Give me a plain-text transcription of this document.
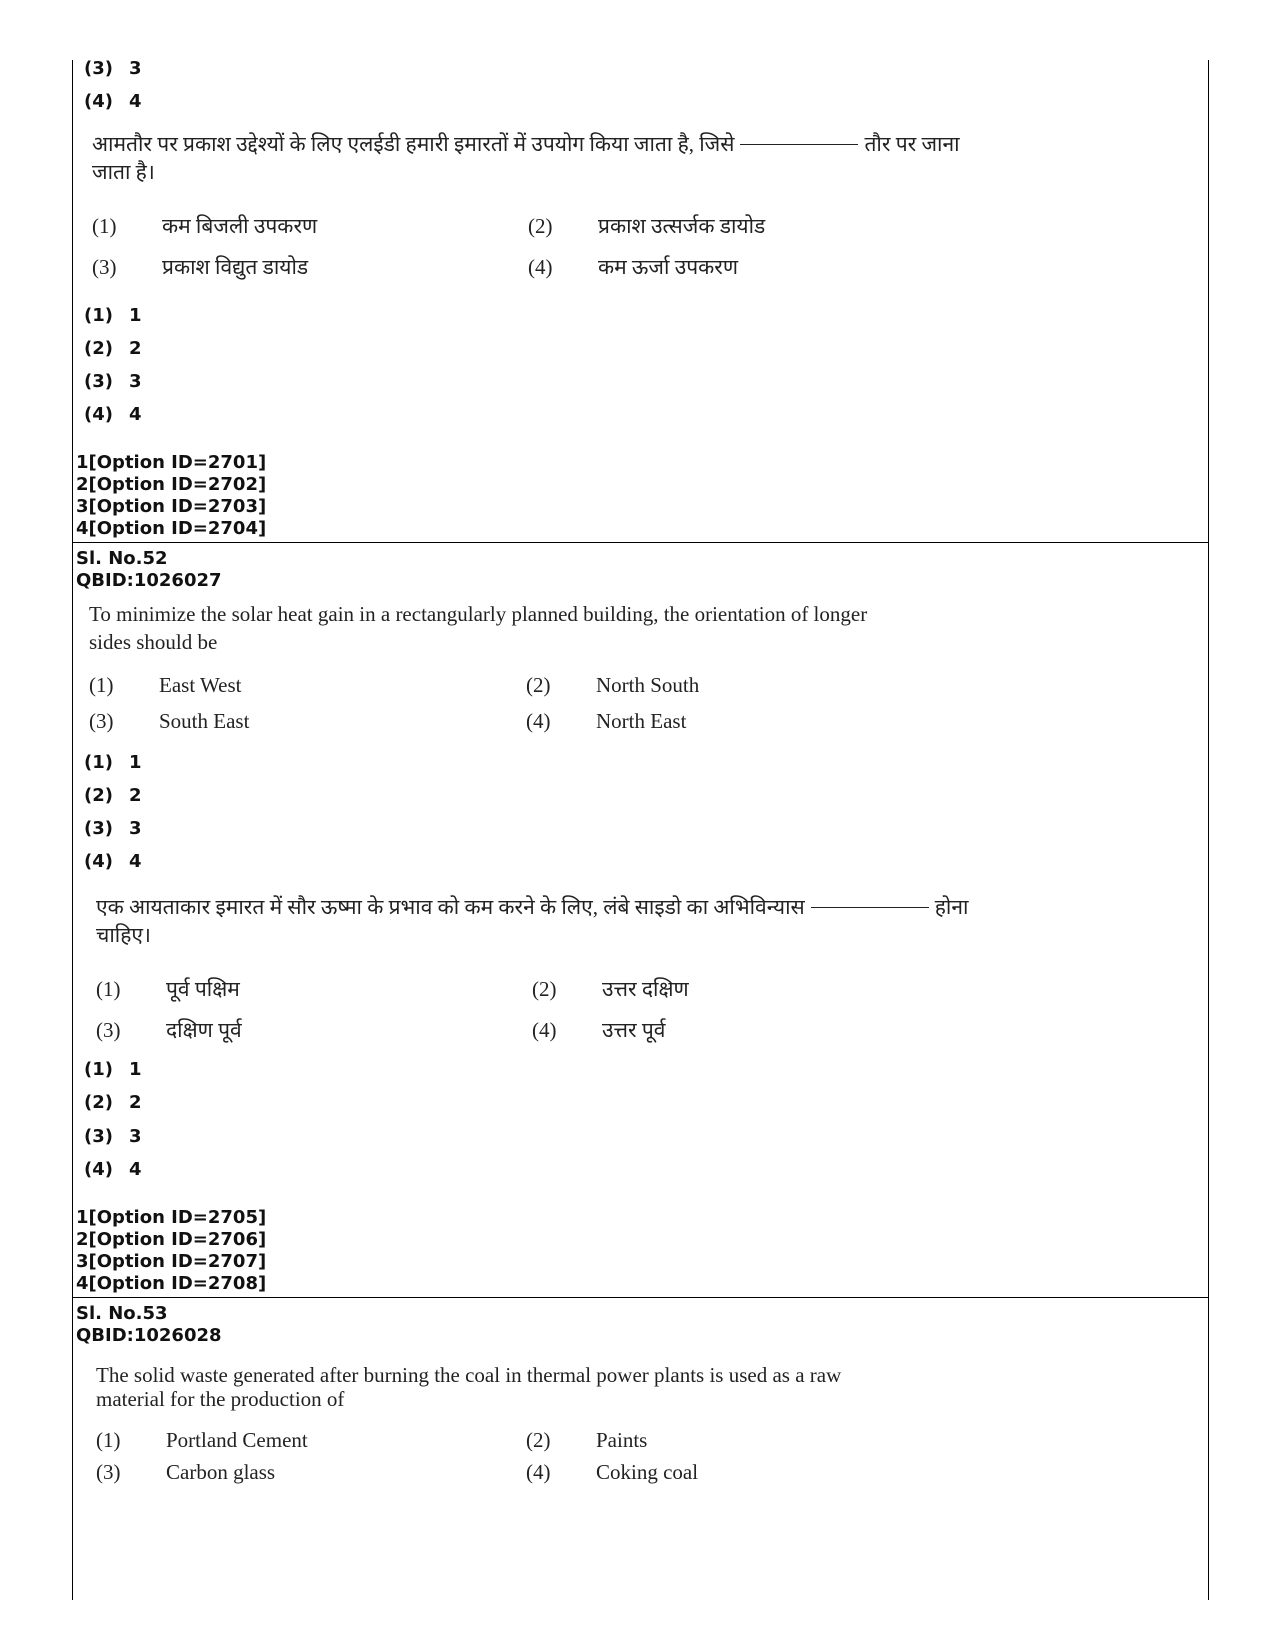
(3) 3
(4) 4
आमतौर पर प्रकाश उद्देश्यों के लिए एलईडी हमारी इमारतों में उपयोग किया जाता है, जिसे	तौर पर जाना
जाता है।
(1) कम बिजली उपकरण	(2) प्रकाश उत्सर्जक डायोड
(3) प्रकाश विद्युत डायोड	(4) कम ऊर्जा उपकरण
(1) 1
(2) 2
(3) 3
(4) 4
1[Option ID=2701]
2[Option ID=2702]
3[Option ID=2703]
4[Option ID=2704]
Sl. No.52
QBID:1026027
To minimize the solar heat gain in a rectangularly planned building, the orientation of longer
sides should be
(1) East West	(2) North South
(3) South East	(4) North East
(1) 1
(2) 2
(3) 3
(4) 4
एक आयताकार इमारत में सौर ऊष्मा के प्रभाव को कम करने के लिए, लंबे साइडो का अभिविन्यास	होना
चाहिए।
(1) पूर्व पक्षिम	(2) उत्तर दक्षिण
(3) दक्षिण पूर्व	(4) उत्तर पूर्व
(1) 1
(2) 2
(3) 3
(4) 4
1[Option ID=2705]
2[Option ID=2706]
3[Option ID=2707]
4[Option ID=2708]
Sl. No.53
QBID:1026028
The solid waste generated after burning the coal in thermal power plants is used as a raw
material for the production of
(1) Portland Cement	(2) Paints
(3) Carbon glass	(4) Coking coal
